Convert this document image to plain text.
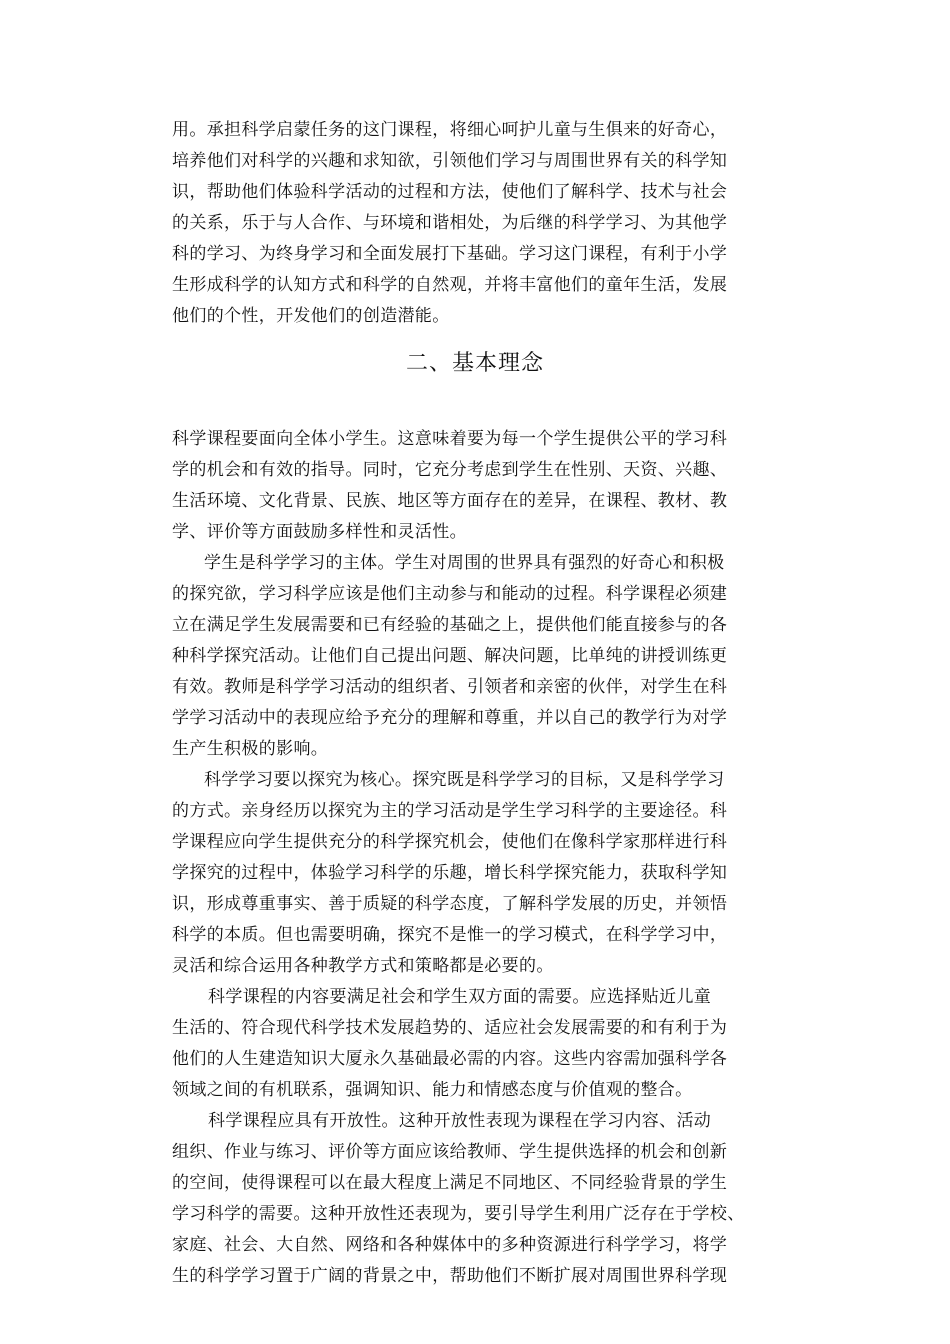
用。承担科学启蒙任务的这门课程，将细心呵护儿童与生俱来的好奇心，
培养他们对科学的兴趣和求知欲，引领他们学习与周围世界有关的科学知
识，帮助他们体验科学活动的过程和方法，使他们了解科学、技术与社会
的关系，乐于与人合作、与环境和谐相处，为后继的科学学习、为其他学
科的学习、为终身学习和全面发展打下基础。学习这门课程，有利于小学
生形成科学的认知方式和科学的自然观，并将丰富他们的童年生活，发展
他们的个性，开发他们的创造潜能。
二、基本理念
科学课程要面向全体小学生。这意味着要为每一个学生提供公平的学习科
学的机会和有效的指导。同时，它充分考虑到学生在性别、天资、兴趣、
生活环境、文化背景、民族、地区等方面存在的差异，在课程、教材、教
学、评价等方面鼓励多样性和灵活性。
学生是科学学习的主体。学生对周围的世界具有强烈的好奇心和积极
的探究欲，学习科学应该是他们主动参与和能动的过程。科学课程必须建
立在满足学生发展需要和已有经验的基础之上，提供他们能直接参与的各
种科学探究活动。让他们自己提出问题、解决问题，比单纯的讲授训练更
有效。教师是科学学习活动的组织者、引领者和亲密的伙伴，对学生在科
学学习活动中的表现应给予充分的理解和尊重，并以自己的教学行为对学
生产生积极的影响。
科学学习要以探究为核心。探究既是科学学习的目标，又是科学学习
的方式。亲身经历以探究为主的学习活动是学生学习科学的主要途径。科
学课程应向学生提供充分的科学探究机会，使他们在像科学家那样进行科
学探究的过程中，体验学习科学的乐趣，增长科学探究能力，获取科学知
识，形成尊重事实、善于质疑的科学态度，了解科学发展的历史，并领悟
科学的本质。但也需要明确，探究不是惟一的学习模式，在科学学习中，
灵活和综合运用各种教学方式和策略都是必要的。
科学课程的内容要满足社会和学生双方面的需要。应选择贴近儿童
生活的、符合现代科学技术发展趋势的、适应社会发展需要的和有利于为
他们的人生建造知识大厦永久基础最必需的内容。这些内容需加强科学各
领域之间的有机联系，强调知识、能力和情感态度与价值观的整合。
科学课程应具有开放性。这种开放性表现为课程在学习内容、活动
组织、作业与练习、评价等方面应该给教师、学生提供选择的机会和创新
的空间，使得课程可以在最大程度上满足不同地区、不同经验背景的学生
学习科学的需要。这种开放性还表现为，要引导学生利用广泛存在于学校、
家庭、社会、大自然、网络和各种媒体中的多种资源进行科学学习，将学
生的科学学习置于广阔的背景之中，帮助他们不断扩展对周围世界科学现
